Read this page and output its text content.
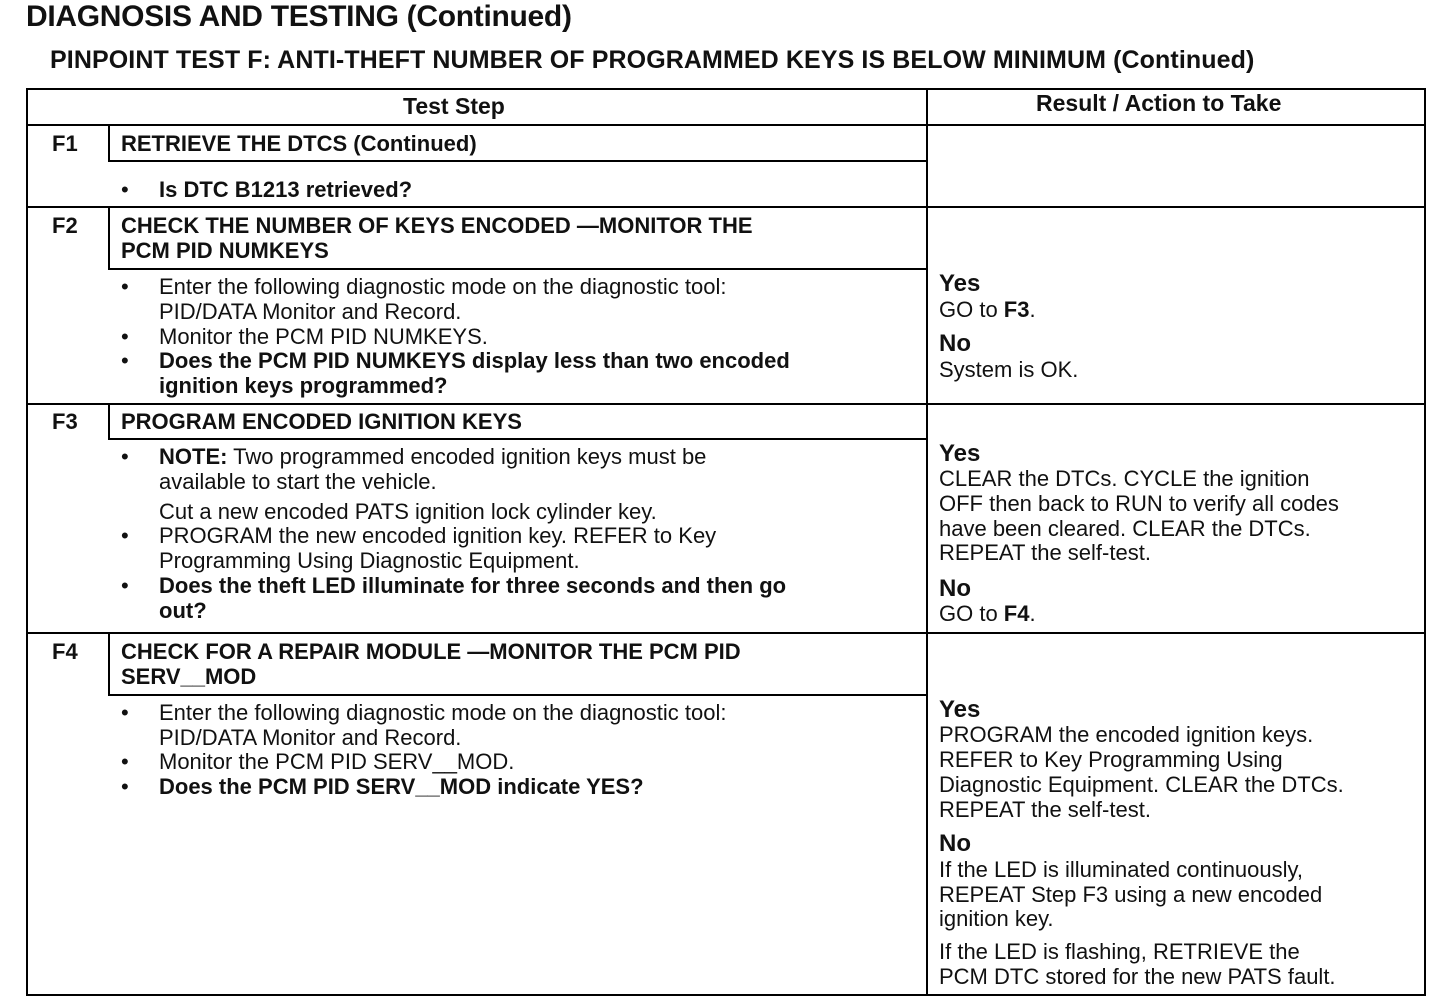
DIAGNOSIS AND TESTING (Continued)
PINPOINT TEST F: ANTI-THEFT NUMBER OF PROGRAMMED KEYS IS BELOW MINIMUM (Continued)
Test Step	Result / Action to Take
F1 RETRIEVE THE DTCS (Continued)
• Is DTC B1213 retrieved?
F2 CHECK THE NUMBER OF KEYS ENCODED —MONITOR THE
PCM PID NUMKEYS
• Enter the following diagnostic mode on the diagnostic tool:
PID/DATA Monitor and Record.
• Monitor the PCM PID NUMKEYS.
• Does the PCM PID NUMKEYS display less than two encoded
ignition keys programmed?
Yes
GO to F3.
No
System is OK.
F3 PROGRAM ENCODED IGNITION KEYS
• NOTE: Two programmed encoded ignition keys must be
available to start the vehicle.
Cut a new encoded PATS ignition lock cylinder key.
• PROGRAM the new encoded ignition key. REFER to Key
Programming Using Diagnostic Equipment.
• Does the theft LED illuminate for three seconds and then go
out?
Yes
CLEAR the DTCs. CYCLE the ignition
OFF then back to RUN to verify all codes
have been cleared. CLEAR the DTCs.
REPEAT the self-test.
No
GO to F4.
F4 CHECK FOR A REPAIR MODULE —MONITOR THE PCM PID
SERV__MOD
• Enter the following diagnostic mode on the diagnostic tool:
PID/DATA Monitor and Record.
• Monitor the PCM PID SERV__MOD.
• Does the PCM PID SERV__MOD indicate YES?
Yes
PROGRAM the encoded ignition keys.
REFER to Key Programming Using
Diagnostic Equipment. CLEAR the DTCs.
REPEAT the self-test.
No
If the LED is illuminated continuously,
REPEAT Step F3 using a new encoded
ignition key.
If the LED is flashing, RETRIEVE the
PCM DTC stored for the new PATS fault.
